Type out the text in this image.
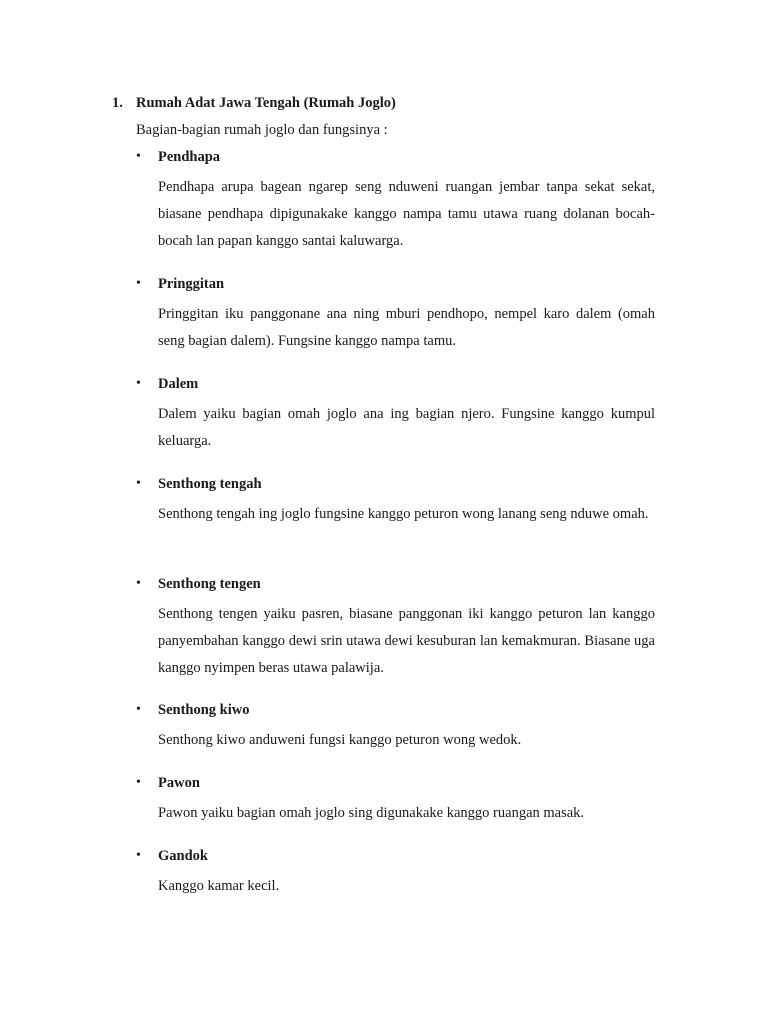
1. Rumah Adat Jawa Tengah (Rumah Joglo)
Bagian-bagian rumah joglo dan fungsinya :
• Pendhapa
Pendhapa arupa bagean ngarep seng nduweni ruangan jembar tanpa sekat sekat, biasane pendhapa dipigunakake kanggo nampa tamu utawa ruang dolanan bocah-bocah lan papan kanggo santai kaluwarga.
• Pringgitan
Pringgitan iku panggonane ana ning mburi pendhopo, nempel karo dalem (omah seng bagian dalem). Fungsine kanggo nampa tamu.
• Dalem
Dalem yaiku bagian omah joglo ana ing bagian njero. Fungsine kanggo kumpul keluarga.
• Senthong tengah
Senthong tengah ing joglo fungsine kanggo peturon wong lanang seng nduwe omah.
• Senthong tengen
Senthong tengen yaiku pasren, biasane panggonan iki kanggo peturon lan kanggo panyembahan kanggo dewi srin utawa dewi kesuburan lan kemakmuran. Biasane uga kanggo nyimpen beras utawa palawija.
• Senthong kiwo
Senthong kiwo anduweni fungsi kanggo peturon wong wedok.
• Pawon
Pawon yaiku bagian omah joglo sing digunakake kanggo ruangan masak.
• Gandok
Kanggo kamar kecil.
